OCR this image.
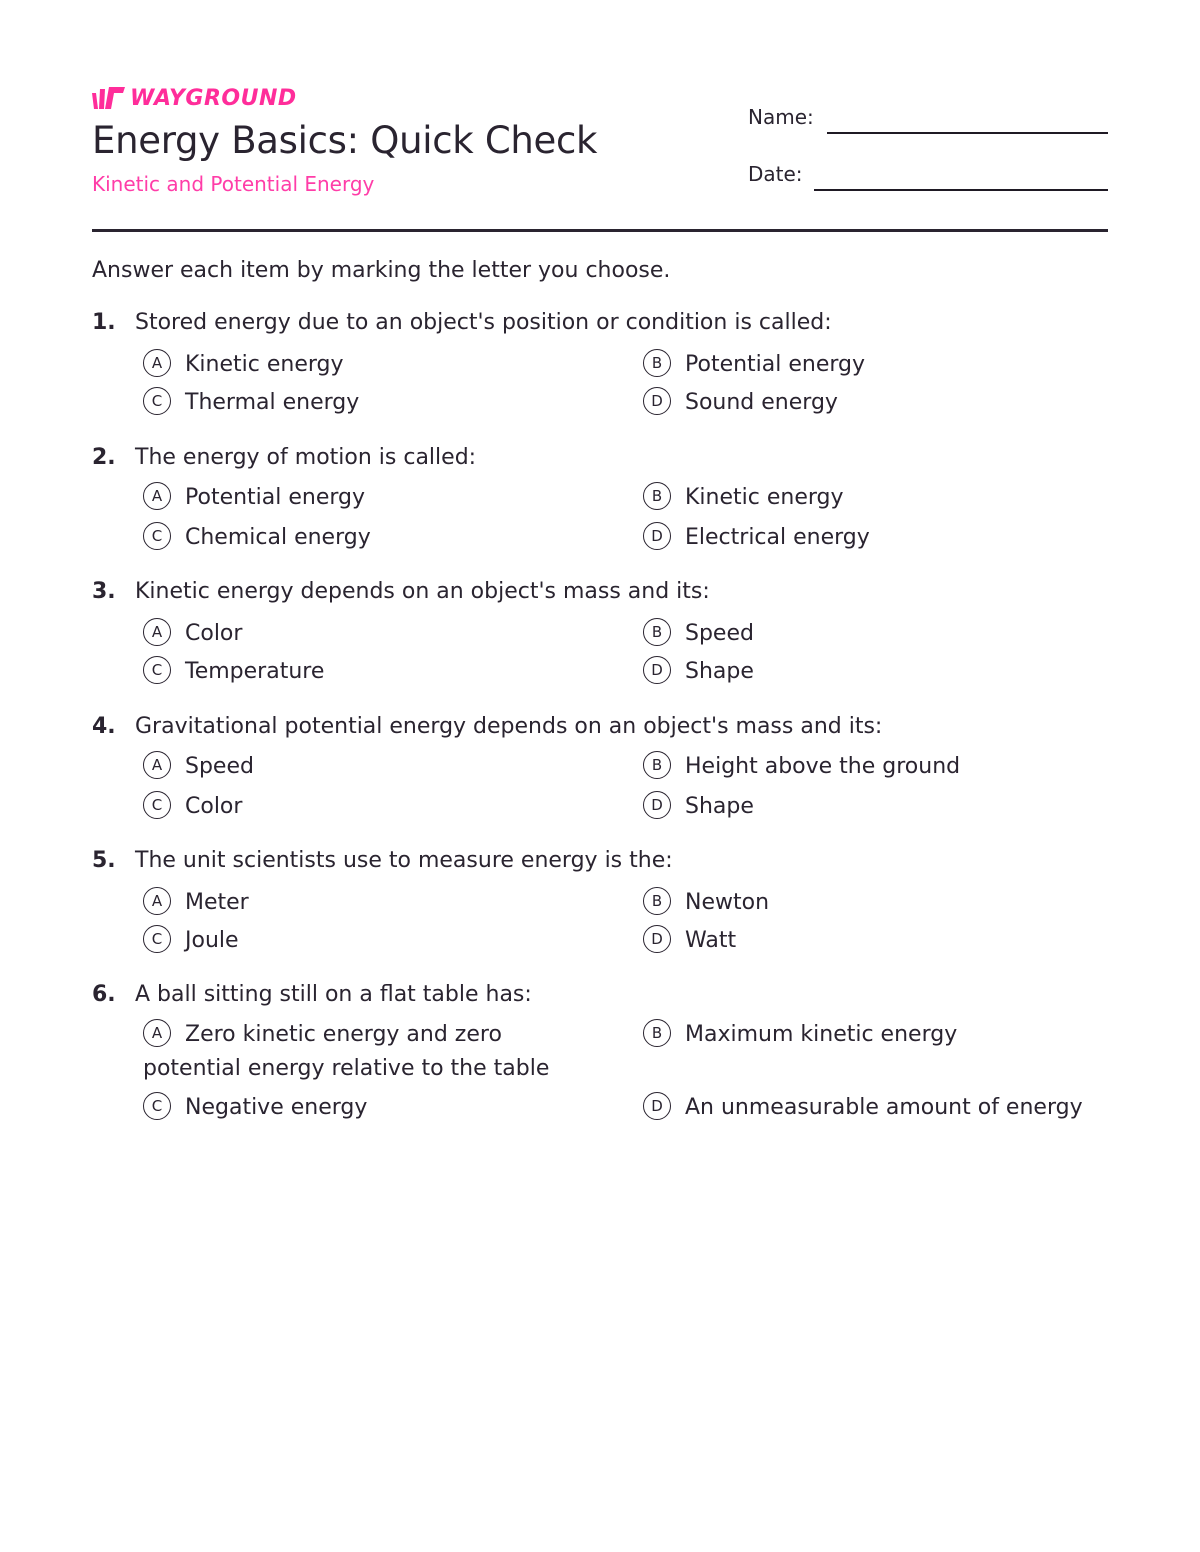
WAYGROUND
Energy Basics: Quick Check
Kinetic and Potential Energy
Name:
Date:
Answer each item by marking the letter you choose.
1. Stored energy due to an object's position or condition is called:
A Kinetic energy	B Potential energy
C Thermal energy	D Sound energy
2. The energy of motion is called:
A Potential energy	B Kinetic energy
C Chemical energy	D Electrical energy
3. Kinetic energy depends on an object's mass and its:
A Color	B Speed
C Temperature	D Shape
4. Gravitational potential energy depends on an object's mass and its:
A Speed	B Height above the ground
C Color	D Shape
5. The unit scientists use to measure energy is the:
A Meter	B Newton
C Joule	D Watt
6. A ball sitting still on a flat table has:
A Zero kinetic energy and zero potential energy relative to the table
B Maximum kinetic energy
C Negative energy	D An unmeasurable amount of energy
